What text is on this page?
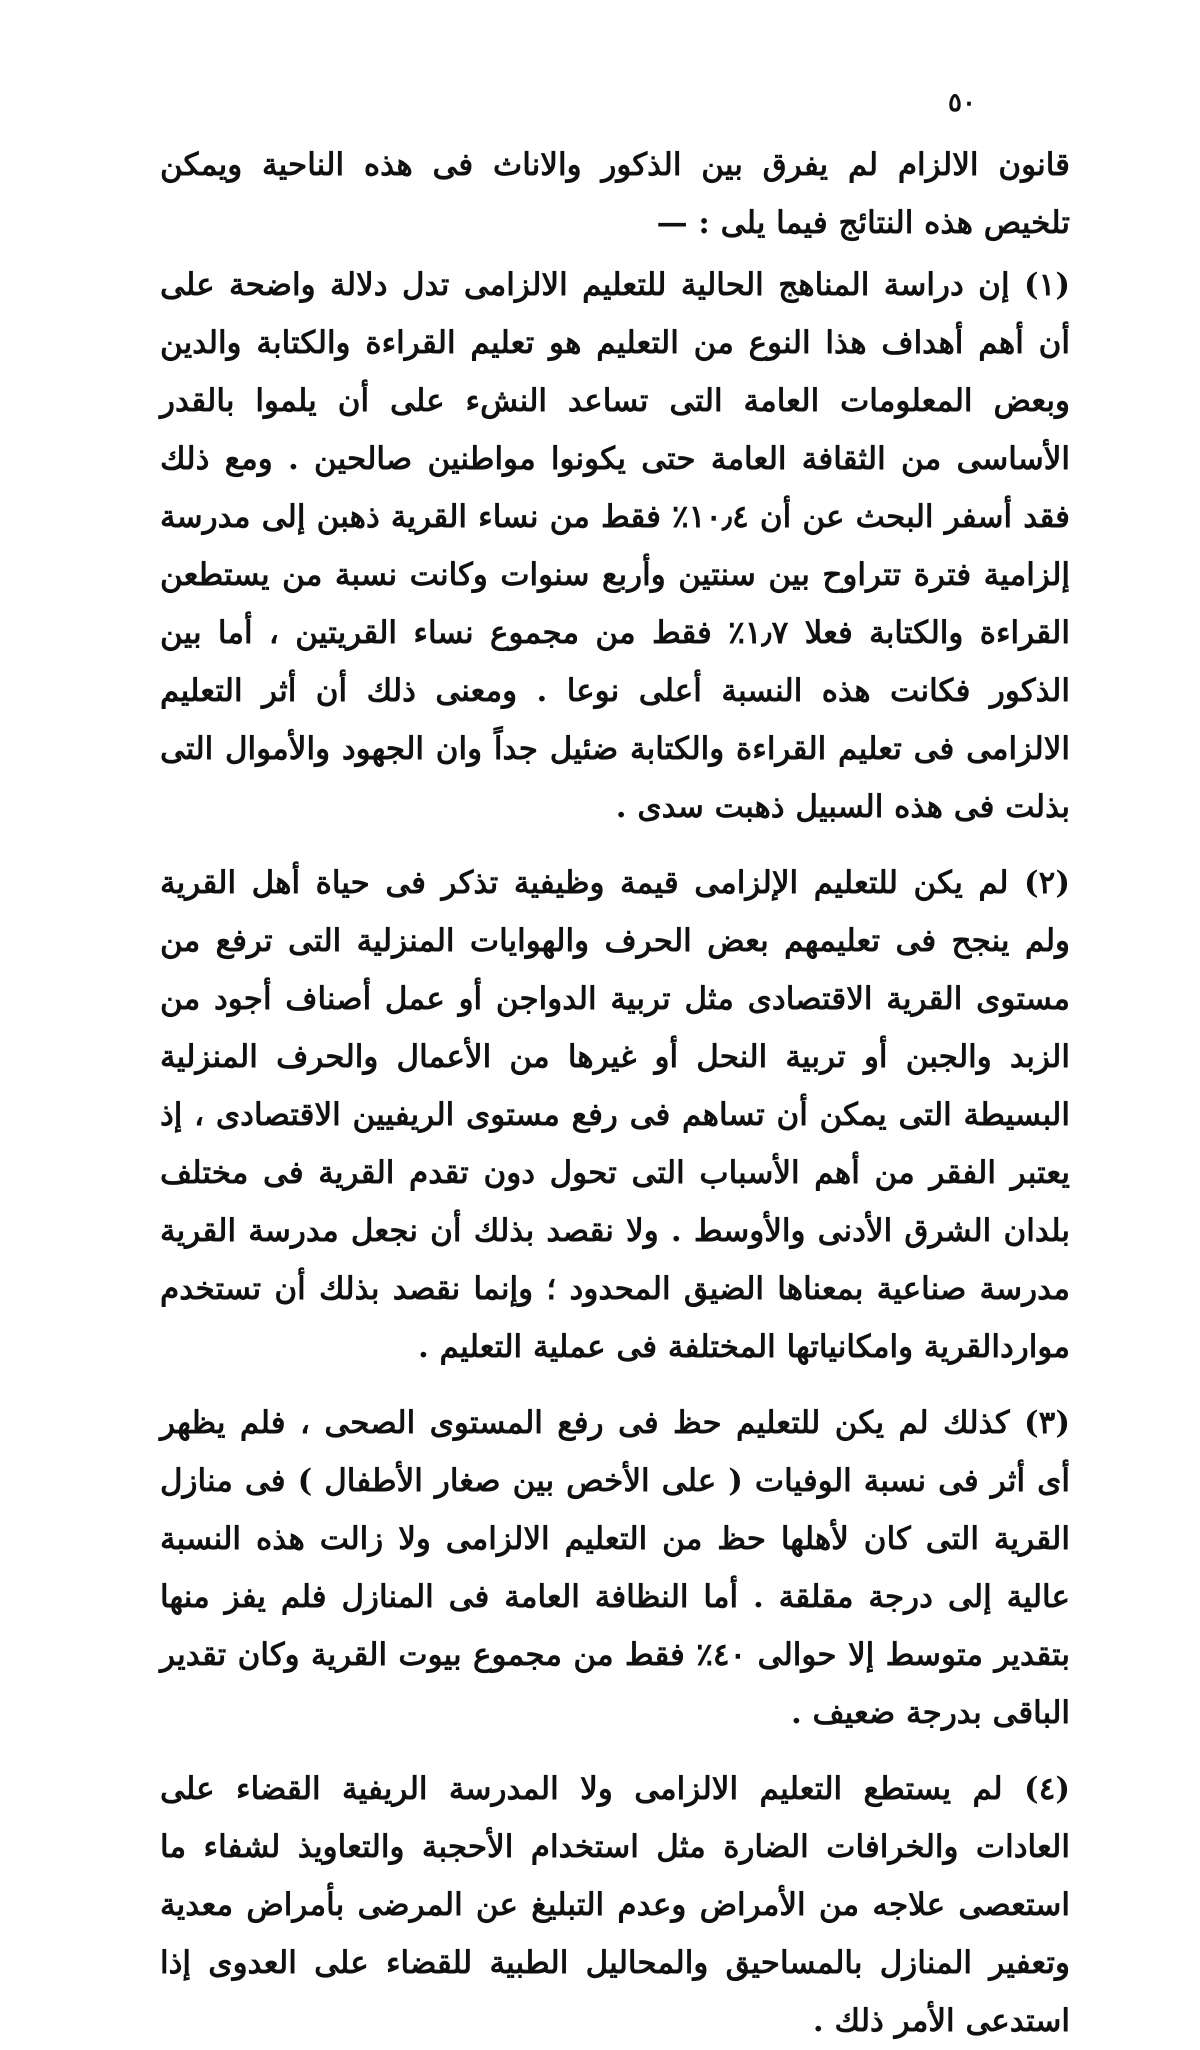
٥٠

قانون الالزام لم يفرق بين الذكور والاناث فى هذه الناحية ويمكن تلخيص هذه النتائج فيما يلى : —

(١) إن دراسة المناهج الحالية للتعليم الالزامى تدل دلالة واضحة على أن أهم أهداف هذا النوع من التعليم هو تعليم القراءة والكتابة والدين وبعض المعلومات العامة التى تساعد النشء على أن يلموا بالقدر الأساسى من الثقافة العامة حتى يكونوا مواطنين صالحين . ومع ذلك فقد أسفر البحث عن أن ١٠٫٤٪ فقط من نساء القرية ذهبن إلى مدرسة إلزامية فترة تتراوح بين سنتين وأربع سنوات وكانت نسبة من يستطعن القراءة والكتابة فعلا ١٫٧٪ فقط من مجموع نساء القريتين ، أما بين الذكور فكانت هذه النسبة أعلى نوعا . ومعنى ذلك أن أثر التعليم الالزامى فى تعليم القراءة والكتابة ضئيل جداً وان الجهود والأموال التى بذلت فى هذه السبيل ذهبت سدى .

(٢) لم يكن للتعليم الإلزامى قيمة وظيفية تذكر فى حياة أهل القرية ولم ينجح فى تعليمهم بعض الحرف والهوايات المنزلية التى ترفع من مستوى القرية الاقتصادى مثل تربية الدواجن أو عمل أصناف أجود من الزبد والجبن أو تربية النحل أو غيرها من الأعمال والحرف المنزلية البسيطة التى يمكن أن تساهم فى رفع مستوى الريفيين الاقتصادى ، إذ يعتبر الفقر من أهم الأسباب التى تحول دون تقدم القرية فى مختلف بلدان الشرق الأدنى والأوسط . ولا نقصد بذلك أن نجعل مدرسة القرية مدرسة صناعية بمعناها الضيق المحدود ؛ وإنما نقصد بذلك أن تستخدم مواردالقرية وامكانياتها المختلفة فى عملية التعليم .

(٣) كذلك لم يكن للتعليم حظ فى رفع المستوى الصحى ، فلم يظهر أى أثر فى نسبة الوفيات ( على الأخص بين صغار الأطفال ) فى منازل القرية التى كان لأهلها حظ من التعليم الالزامى ولا زالت هذه النسبة عالية إلى درجة مقلقة . أما النظافة العامة فى المنازل فلم يفز منها بتقدير متوسط إلا حوالى ٤٠٪ فقط من مجموع بيوت القرية وكان تقدير الباقى بدرجة ضعيف .

(٤) لم يستطع التعليم الالزامى ولا المدرسة الريفية القضاء على العادات والخرافات الضارة مثل استخدام الأحجبة والتعاويذ لشفاء ما استعصى علاجه من الأمراض وعدم التبليغ عن المرضى بأمراض معدية وتعفير المنازل بالمساحيق والمحاليل الطبية للقضاء على العدوى إذا استدعى الأمر ذلك .
